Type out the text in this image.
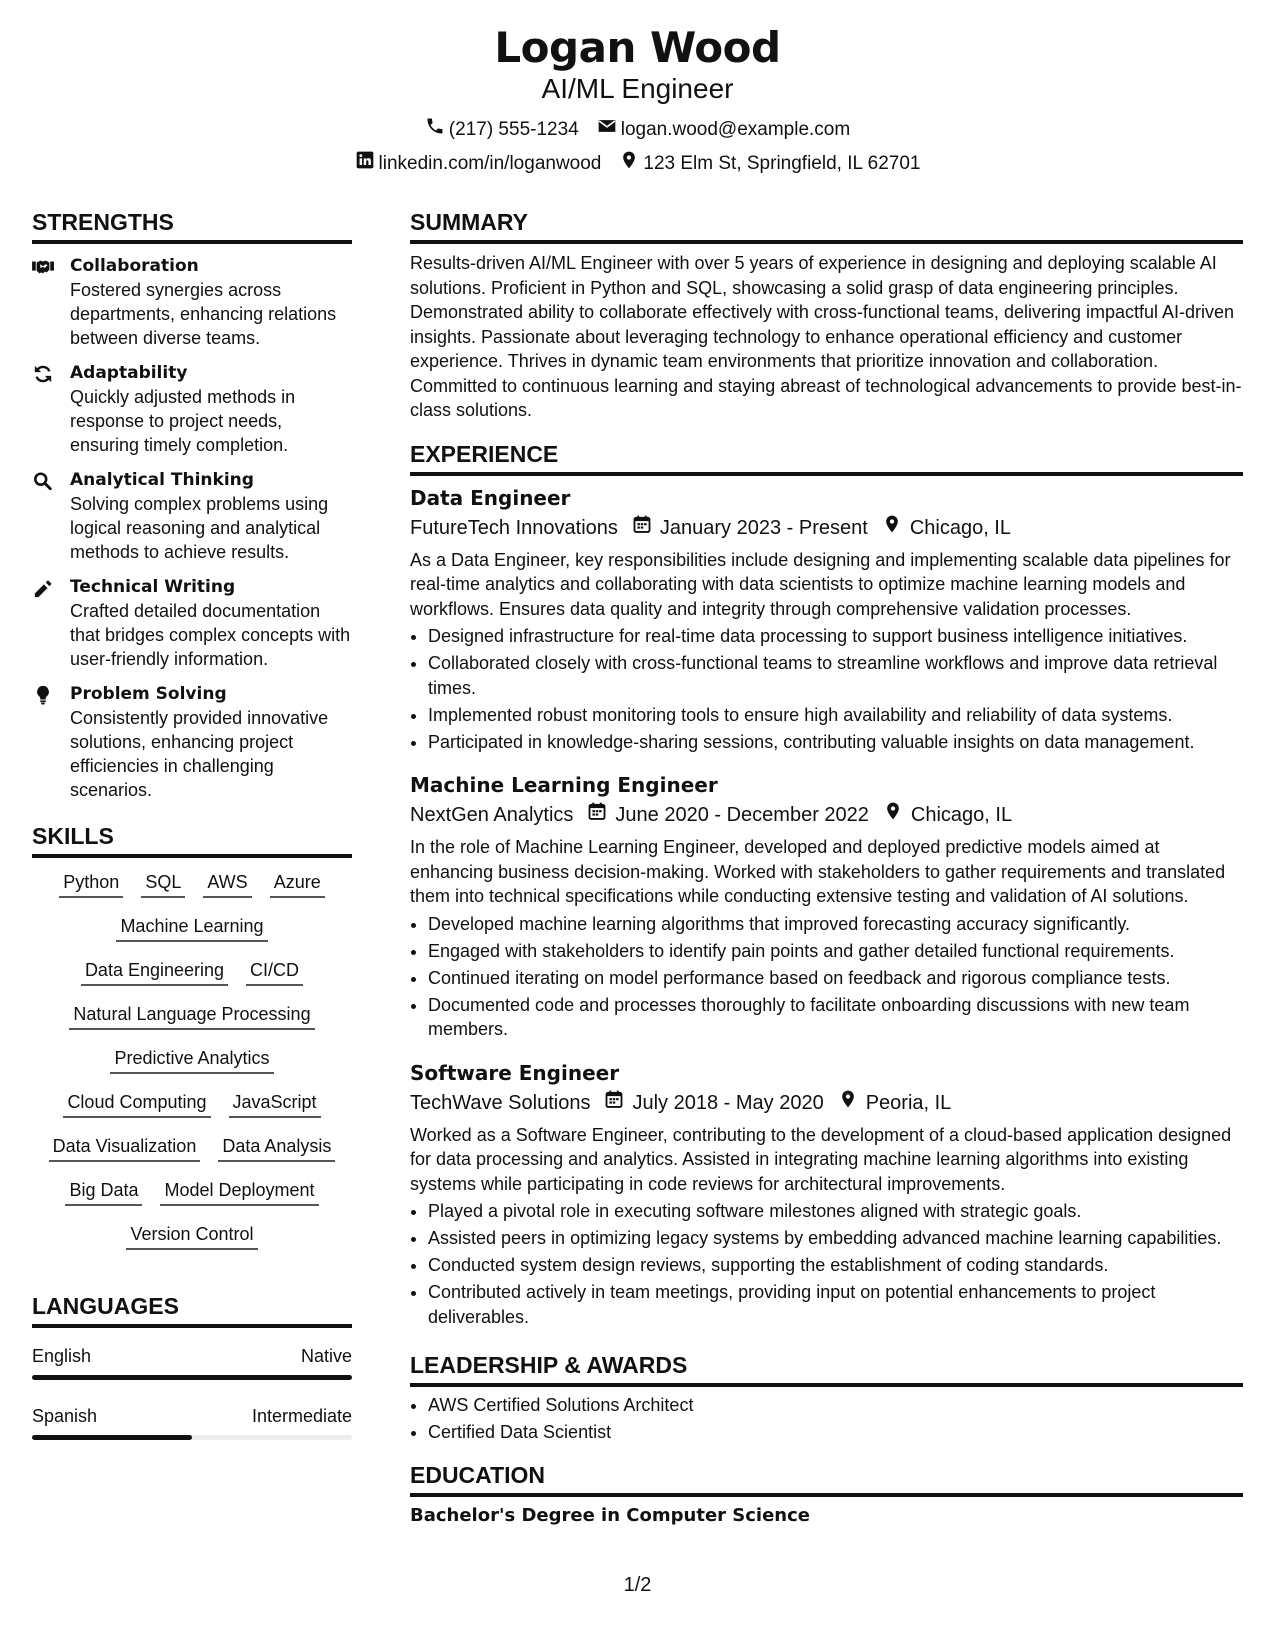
Logan Wood
AI/ML Engineer
(217) 555-1234 logan.wood@example.com
linkedin.com/in/loganwood 123 Elm St, Springfield, IL 62701
STRENGTHS
Collaboration
Fostered synergies across departments, enhancing relations between diverse teams.
Adaptability
Quickly adjusted methods in response to project needs, ensuring timely completion.
Analytical Thinking
Solving complex problems using logical reasoning and analytical methods to achieve results.
Technical Writing
Crafted detailed documentation that bridges complex concepts with user-friendly information.
Problem Solving
Consistently provided innovative solutions, enhancing project efficiencies in challenging scenarios.
SKILLS
Python SQL AWS Azure
Machine Learning
Data Engineering CI/CD
Natural Language Processing
Predictive Analytics
Cloud Computing JavaScript
Data Visualization Data Analysis
Big Data Model Deployment
Version Control
LANGUAGES
English	Native
Spanish	Intermediate
SUMMARY
Results-driven AI/ML Engineer with over 5 years of experience in designing and deploying scalable AI solutions. Proficient in Python and SQL, showcasing a solid grasp of data engineering principles. Demonstrated ability to collaborate effectively with cross-functional teams, delivering impactful AI-driven insights. Passionate about leveraging technology to enhance operational efficiency and customer experience. Thrives in dynamic team environments that prioritize innovation and collaboration. Committed to continuous learning and staying abreast of technological advancements to provide best-in-class solutions.
EXPERIENCE
Data Engineer
FutureTech Innovations January 2023 - Present Chicago, IL
As a Data Engineer, key responsibilities include designing and implementing scalable data pipelines for real-time analytics and collaborating with data scientists to optimize machine learning models and workflows. Ensures data quality and integrity through comprehensive validation processes.
• Designed infrastructure for real-time data processing to support business intelligence initiatives.
• Collaborated closely with cross-functional teams to streamline workflows and improve data retrieval times.
• Implemented robust monitoring tools to ensure high availability and reliability of data systems.
• Participated in knowledge-sharing sessions, contributing valuable insights on data management.
Machine Learning Engineer
NextGen Analytics June 2020 - December 2022 Chicago, IL
In the role of Machine Learning Engineer, developed and deployed predictive models aimed at enhancing business decision-making. Worked with stakeholders to gather requirements and translated them into technical specifications while conducting extensive testing and validation of AI solutions.
• Developed machine learning algorithms that improved forecasting accuracy significantly.
• Engaged with stakeholders to identify pain points and gather detailed functional requirements.
• Continued iterating on model performance based on feedback and rigorous compliance tests.
• Documented code and processes thoroughly to facilitate onboarding discussions with new team members.
Software Engineer
TechWave Solutions July 2018 - May 2020 Peoria, IL
Worked as a Software Engineer, contributing to the development of a cloud-based application designed for data processing and analytics. Assisted in integrating machine learning algorithms into existing systems while participating in code reviews for architectural improvements.
• Played a pivotal role in executing software milestones aligned with strategic goals.
• Assisted peers in optimizing legacy systems by embedding advanced machine learning capabilities.
• Conducted system design reviews, supporting the establishment of coding standards.
• Contributed actively in team meetings, providing input on potential enhancements to project deliverables.
LEADERSHIP & AWARDS
• AWS Certified Solutions Architect
• Certified Data Scientist
EDUCATION
Bachelor's Degree in Computer Science
1/2
